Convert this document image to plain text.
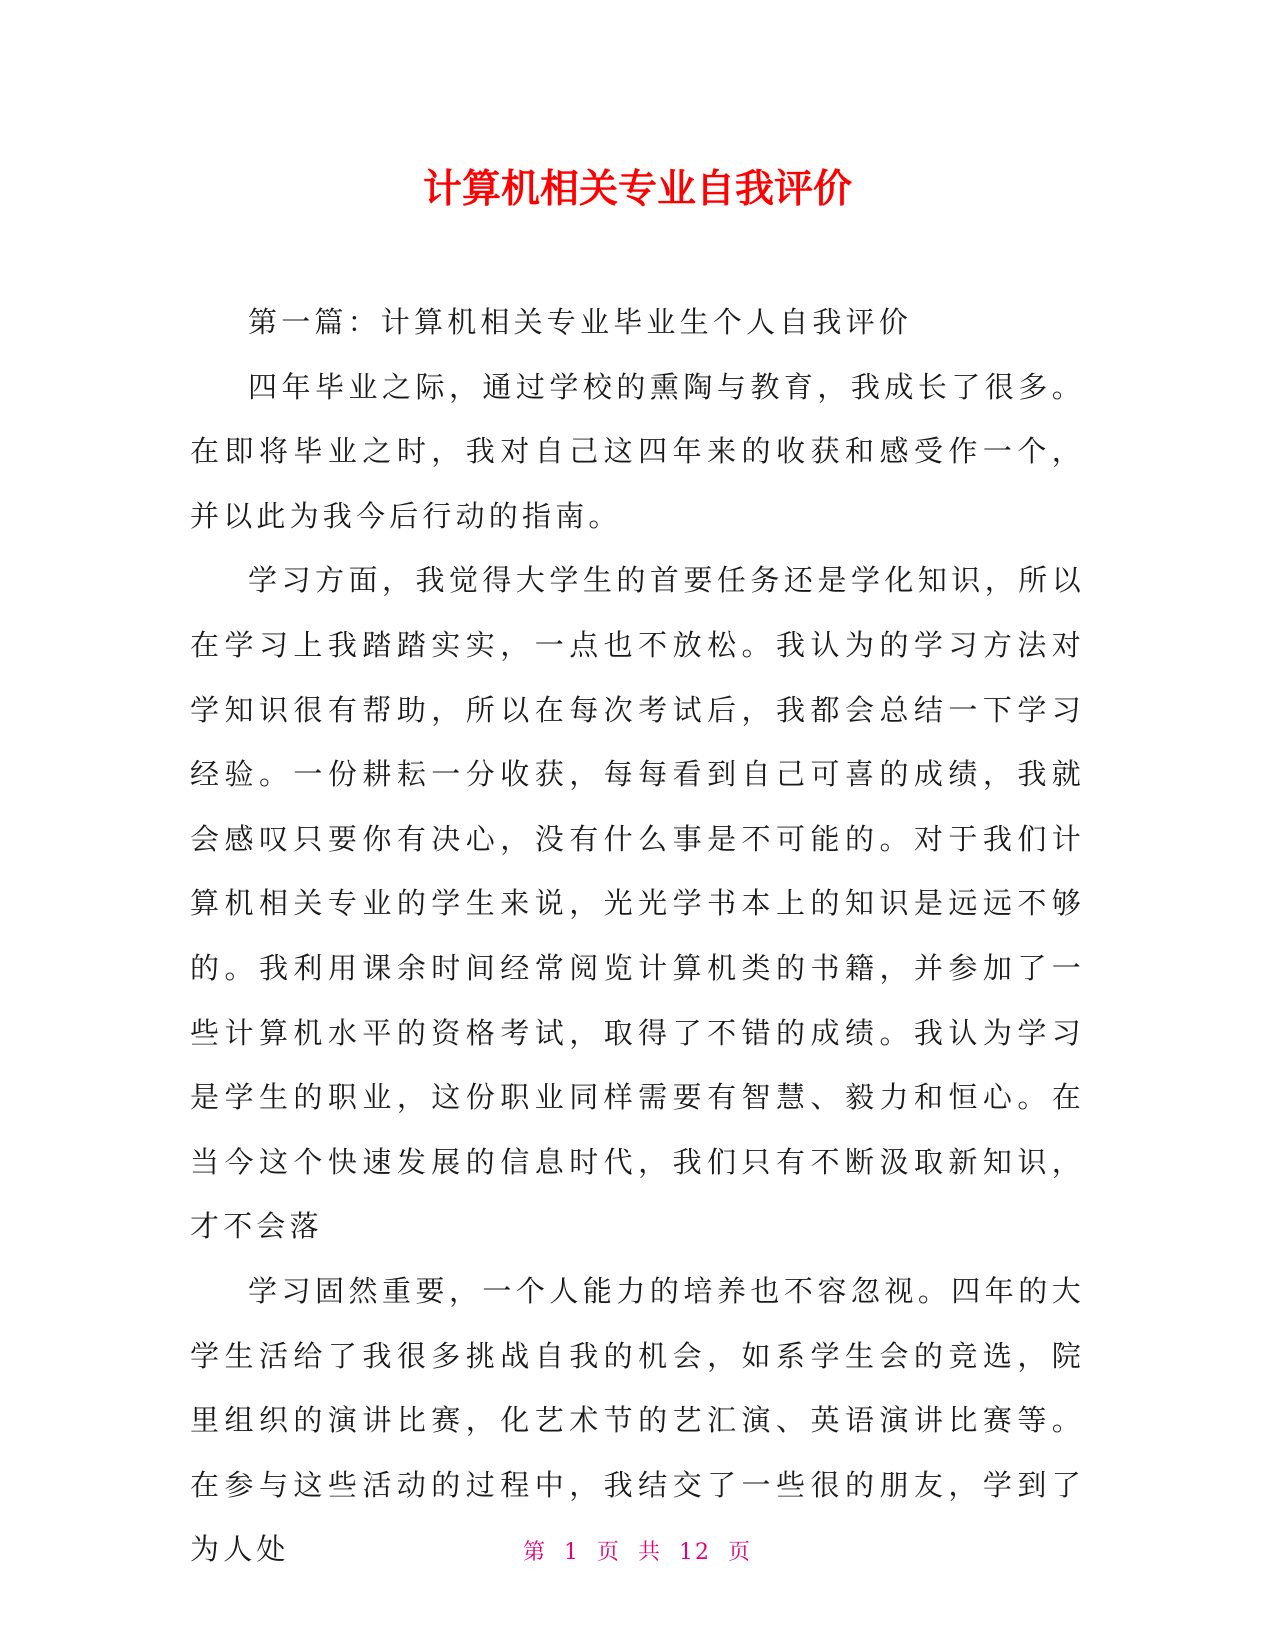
计算机相关专业自我评价

第一篇：计算机相关专业毕业生个人自我评价

四年毕业之际，通过学校的熏陶与教育，我成长了很多。在即将毕业之时，我对自己这四年来的收获和感受作一个，并以此为我今后行动的指南。

学习方面，我觉得大学生的首要任务还是学化知识，所以在学习上我踏踏实实，一点也不放松。我认为的学习方法对学知识很有帮助，所以在每次考试后，我都会总结一下学习经验。一份耕耘一分收获，每每看到自己可喜的成绩，我就会感叹只要你有决心，没有什么事是不可能的。对于我们计算机相关专业的学生来说，光光学书本上的知识是远远不够的。我利用课余时间经常阅览计算机类的书籍，并参加了一些计算机水平的资格考试，取得了不错的成绩。我认为学习是学生的职业，这份职业同样需要有智慧、毅力和恒心。在当今这个快速发展的信息时代，我们只有不断汲取新知识，才不会落

学习固然重要，一个人能力的培养也不容忽视。四年的大学生活给了我很多挑战自我的机会，如系学生会的竞选，院里组织的演讲比赛，化艺术节的艺汇演、英语演讲比赛等。在参与这些活动的过程中，我结交了一些很的朋友，学到了为人处	第 1 页 共 12 页
